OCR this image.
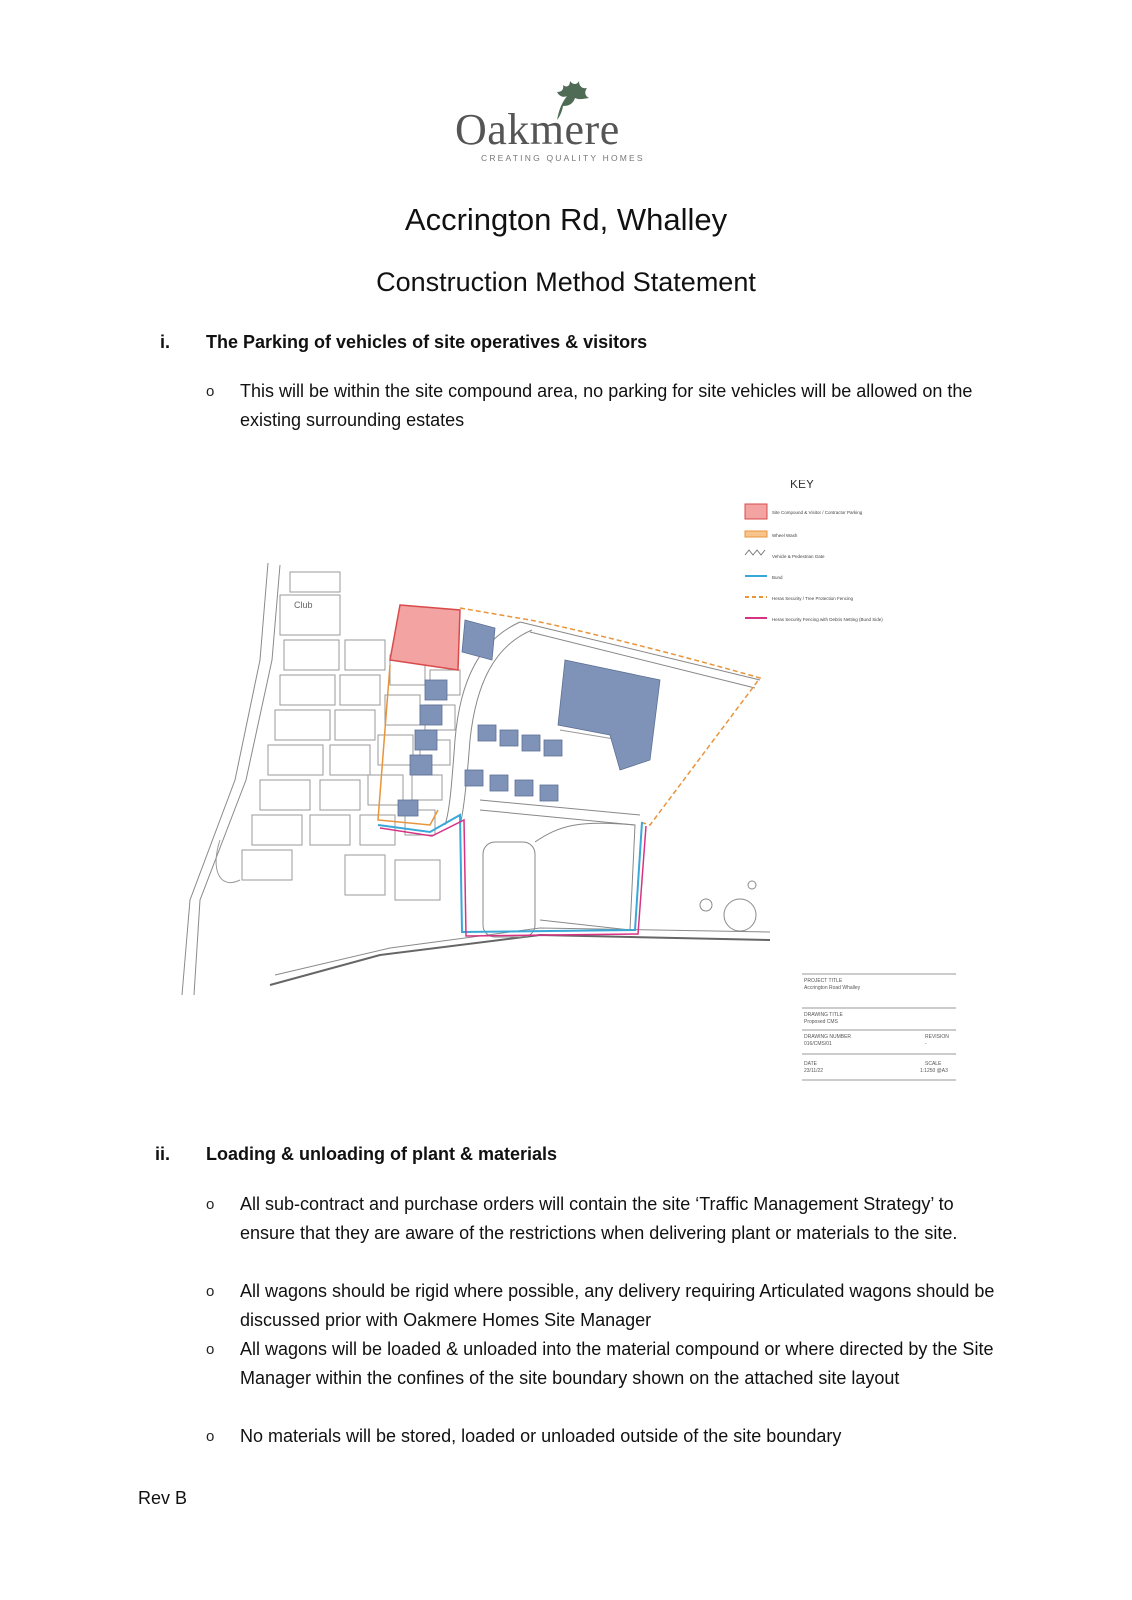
Oakmere
CREATING QUALITY HOMES
Accrington Rd, Whalley
Construction Method Statement
i. The Parking of vehicles of site operatives & visitors
o This will be within the site compound area, no parking for site vehicles will be allowed on the existing surrounding estates
Club
KEY
Site Compound & Visitor / Contractor Parking
Wheel Wash
Vehicle & Pedestrian Gate
Bund
Heras Security / Tree Protection Fencing
Heras Security Fencing with Debris Netting (Bund Side)
PROJECT TITLE
Accrington Road Whalley
DRAWING TITLE
Proposed CMS
DRAWING NUMBER
016/CMS/01
REVISION
-
DATE
23/11/22
SCALE
1:1250 @A3
ii. Loading & unloading of plant & materials
o All sub-contract and purchase orders will contain the site ‘Traffic Management Strategy’ to ensure that they are aware of the restrictions when delivering plant or materials to the site.
o All wagons should be rigid where possible, any delivery requiring Articulated wagons should be discussed prior with Oakmere Homes Site Manager
o All wagons will be loaded & unloaded into the material compound or where directed by the Site Manager within the confines of the site boundary shown on the attached site layout
o No materials will be stored, loaded or unloaded outside of the site boundary
Rev B
